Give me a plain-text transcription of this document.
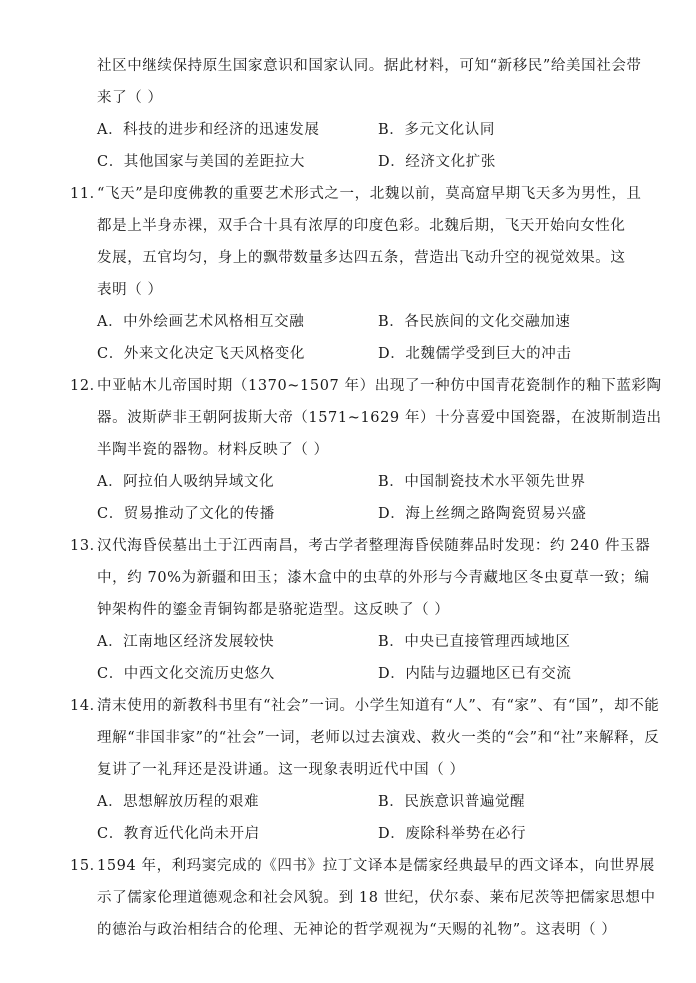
社区中继续保持原生国家意识和国家认同。据此材料，可知“新移民”给美国社会带
来了（ ）
A．科技的进步和经济的迅速发展	B．多元文化认同
C．其他国家与美国的差距拉大	D．经济文化扩张
11．“飞天”是印度佛教的重要艺术形式之一，北魏以前，莫高窟早期飞天多为男性，且
都是上半身赤裸，双手合十具有浓厚的印度色彩。北魏后期，飞天开始向女性化
发展，五官均匀，身上的飘带数量多达四五条，营造出飞动升空的视觉效果。这
表明（ ）
A．中外绘画艺术风格相互交融	B．各民族间的文化交融加速
C．外来文化决定飞天风格变化	D．北魏儒学受到巨大的冲击
12．中亚帖木儿帝国时期（1370~1507 年）出现了一种仿中国青花瓷制作的釉下蓝彩陶
器。波斯萨非王朝阿拔斯大帝（1571~1629 年）十分喜爱中国瓷器，在波斯制造出
半陶半瓷的器物。材料反映了（ ）
A．阿拉伯人吸纳异域文化	B．中国制瓷技术水平领先世界
C．贸易推动了文化的传播	D．海上丝绸之路陶瓷贸易兴盛
13．汉代海昏侯墓出土于江西南昌，考古学者整理海昏侯随葬品时发现：约 240 件玉器
中，约 70%为新疆和田玉；漆木盒中的虫草的外形与今青藏地区冬虫夏草一致；编
钟架构件的鎏金青铜钩都是骆驼造型。这反映了（ ）
A．江南地区经济发展较快	B．中央已直接管理西域地区
C．中西文化交流历史悠久	D．内陆与边疆地区已有交流
14．清末使用的新教科书里有“社会”一词。小学生知道有“人”、有“家”、有“国”，却不能
理解“非国非家”的“社会”一词，老师以过去演戏、救火一类的“会”和“社”来解释，反
复讲了一礼拜还是没讲通。这一现象表明近代中国（ ）
A．思想解放历程的艰难	B．民族意识普遍觉醒
C．教育近代化尚未开启	D．废除科举势在必行
15．1594 年，利玛窦完成的《四书》拉丁文译本是儒家经典最早的西文译本，向世界展
示了儒家伦理道德观念和社会风貌。到 18 世纪，伏尔泰、莱布尼茨等把儒家思想中
的德治与政治相结合的伦理、无神论的哲学观视为“天赐的礼物”。这表明（ ）
